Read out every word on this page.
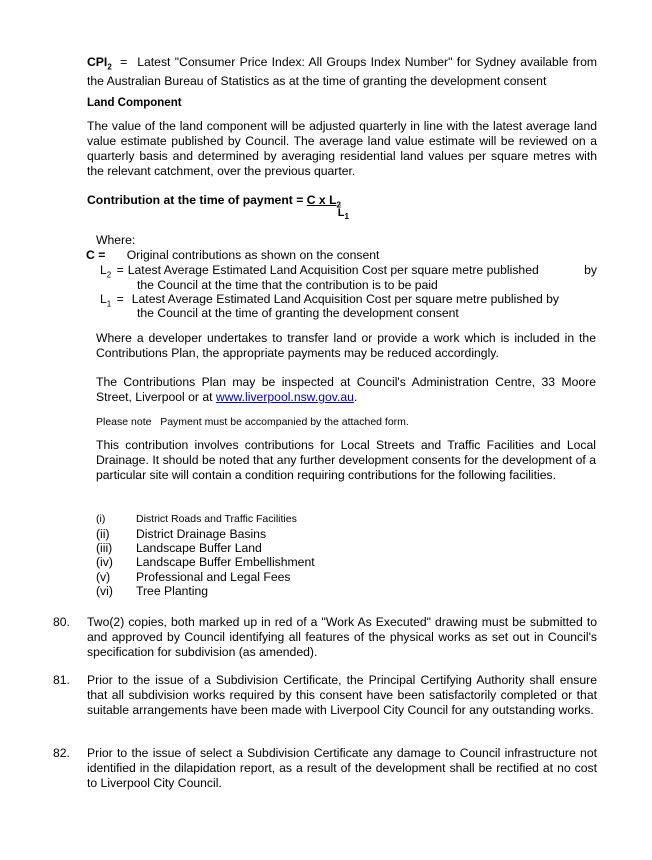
$CPI_2$ = Latest "Consumer Price Index: All Groups Index Number" for Sydney available from the Australian Bureau of Statistics as at the time of granting the development consent
Land Component
The value of the land component will be adjusted quarterly in line with the latest average land value estimate published by Council. The average land value estimate will be reviewed on a quarterly basis and determined by averaging residential land values per square metres with the relevant catchment, over the previous quarter.
Contribution at the time of payment = C x $L_2$
$L_1$
Where:
C = Original contributions as shown on the consent
$L_2$ = Latest Average Estimated Land Acquisition Cost per square metre published	by
the Council at the time that the contribution is to be paid
$L_1$ = Latest Average Estimated Land Acquisition Cost per square metre published by
the Council at the time of granting the development consent
Where a developer undertakes to transfer land or provide a work which is included in the Contributions Plan, the appropriate payments may be reduced accordingly.
The Contributions Plan may be inspected at Council's Administration Centre, 33 Moore Street, Liverpool or at www.liverpool.nsw.gov.au.
Please note   Payment must be accompanied by the attached form.
This contribution involves contributions for Local Streets and Traffic Facilities and Local Drainage. It should be noted that any further development consents for the development of a particular site will contain a condition requiring contributions for the following facilities.
(i)	District Roads and Traffic Facilities
(ii) District Drainage Basins
(iii) Landscape Buffer Land
(iv) Landscape Buffer Embellishment
(v) Professional and Legal Fees
(vi) Tree Planting
80. Two(2) copies, both marked up in red of a "Work As Executed" drawing must be submitted to and approved by Council identifying all features of the physical works as set out in Council's specification for subdivision (as amended).
81. Prior to the issue of a Subdivision Certificate, the Principal Certifying Authority shall ensure that all subdivision works required by this consent have been satisfactorily completed or that suitable arrangements have been made with Liverpool City Council for any outstanding works.
82. Prior to the issue of select a Subdivision Certificate any damage to Council infrastructure not identified in the dilapidation report, as a result of the development shall be rectified at no cost to Liverpool City Council.
